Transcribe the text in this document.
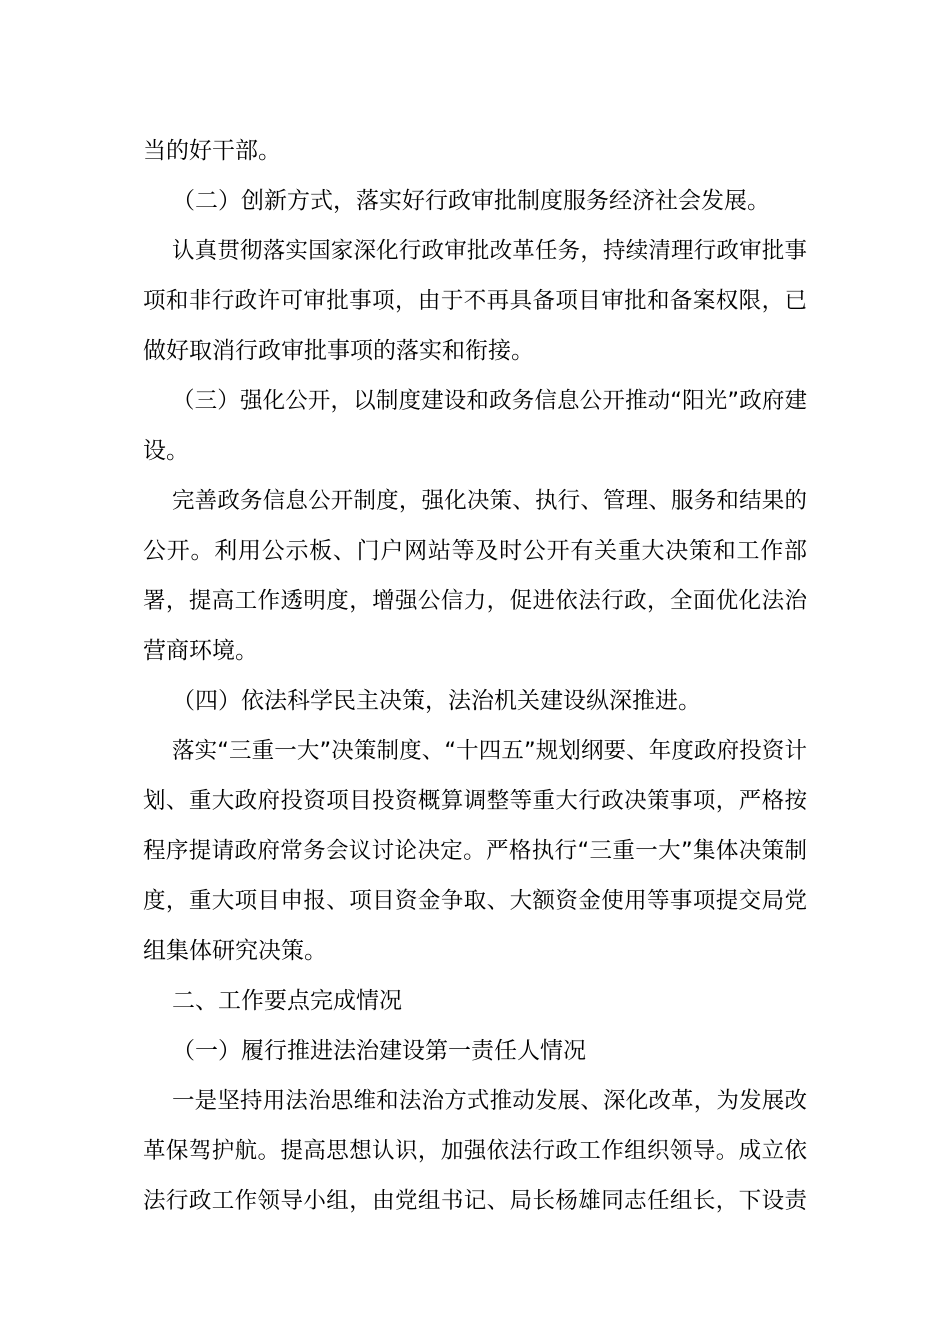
当的好干部。
（二）创新方式，落实好行政审批制度服务经济社会发展。
认真贯彻落实国家深化行政审批改革任务，持续清理行政审批事
项和非行政许可审批事项，由于不再具备项目审批和备案权限，已
做好取消行政审批事项的落实和衔接。
（三）强化公开，以制度建设和政务信息公开推动“阳光”政府建
设。
完善政务信息公开制度，强化决策、执行、管理、服务和结果的
公开。利用公示板、门户网站等及时公开有关重大决策和工作部
署，提高工作透明度，增强公信力，促进依法行政，全面优化法治
营商环境。
（四）依法科学民主决策，法治机关建设纵深推进。
落实“三重一大”决策制度、“十四五”规划纲要、年度政府投资计
划、重大政府投资项目投资概算调整等重大行政决策事项，严格按
程序提请政府常务会议讨论决定。严格执行“三重一大”集体决策制
度，重大项目申报、项目资金争取、大额资金使用等事项提交局党
组集体研究决策。
二、工作要点完成情况
（一）履行推进法治建设第一责任人情况
一是坚持用法治思维和法治方式推动发展、深化改革，为发展改
革保驾护航。提高思想认识，加强依法行政工作组织领导。成立依
法行政工作领导小组，由党组书记、局长杨雄同志任组长，下设责
